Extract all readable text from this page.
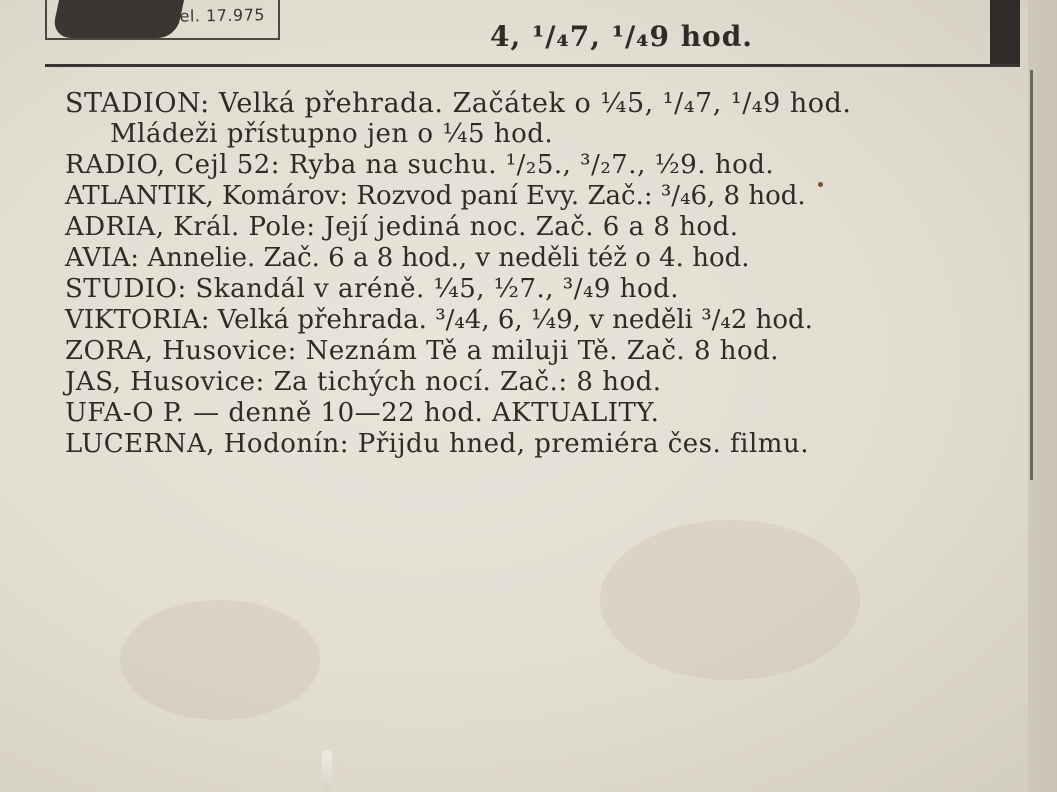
Tel. 17.975
4, ¹/₄7, ¹/₄9 hod.
STADION: Velká přehrada. Začátek o ¼5, ¹/₄7, ¹/₄9 hod.
Mládeži přístupno jen o ¼5 hod.
RADIO, Cejl 52: Ryba na suchu. ¹/₂5., ³/₂7., ½9. hod.
ATLANTIK, Komárov: Rozvod paní Evy. Zač.: ³/₄6, 8 hod.
ADRIA, Král. Pole: Její jediná noc. Zač. 6 a 8 hod.
AVIA: Annelie. Zač. 6 a 8 hod., v neděli též o 4. hod.
STUDIO: Skandál v aréně. ¼5, ½7., ³/₄9 hod.
VIKTORIA: Velká přehrada. ³/₄4, 6, ¼9, v neděli ³/₄2 hod.
ZORA, Husovice: Neznám Tě a miluji Tě. Zač. 8 hod.
JAS, Husovice: Za tichých nocí. Zač.: 8 hod.
UFA-O P. — denně 10—22 hod. AKTUALITY.
LUCERNA, Hodonín: Přijdu hned, premiéra čes. filmu.
